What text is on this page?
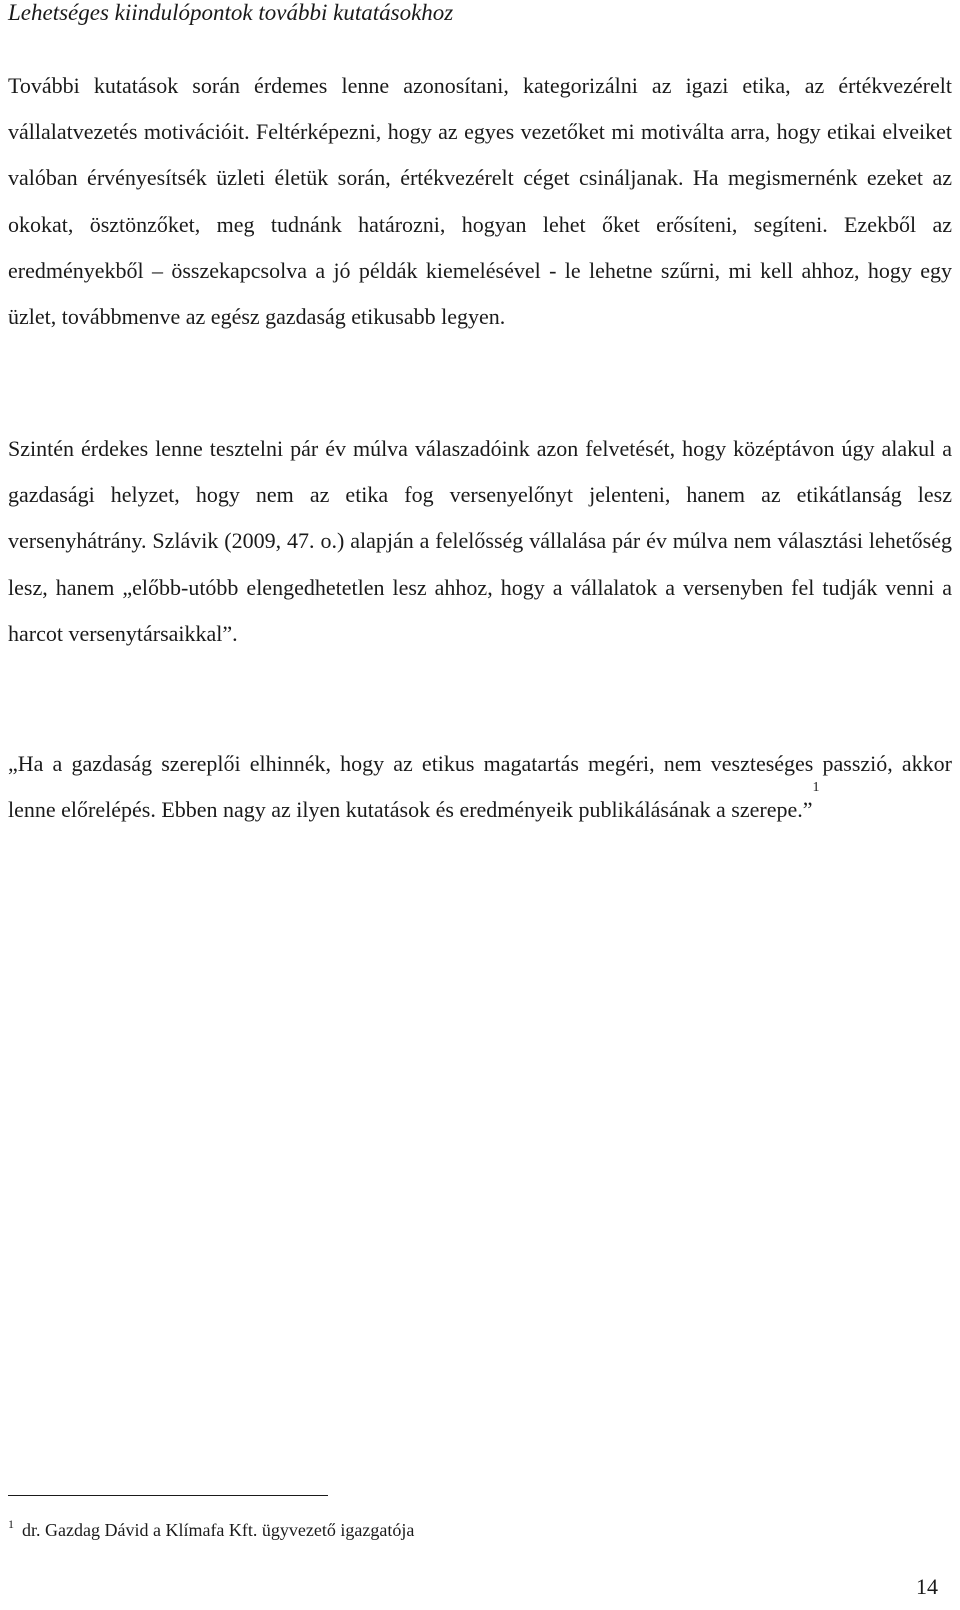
Lehetséges kiindulópontok további kutatásokhoz

További kutatások során érdemes lenne azonosítani, kategorizálni az igazi etika, az értékvezérelt vállalatvezetés motivációit. Feltérképezni, hogy az egyes vezetőket mi motiválta arra, hogy etikai elveiket valóban érvényesítsék üzleti életük során, értékvezérelt céget csináljanak. Ha megismernénk ezeket az okokat, ösztönzőket, meg tudnánk határozni, hogyan lehet őket erősíteni, segíteni. Ezekből az eredményekből – összekapcsolva a jó példák kiemelésével - le lehetne szűrni, mi kell ahhoz, hogy egy üzlet, továbbmenve az egész gazdaság etikusabb legyen.

Szintén érdekes lenne tesztelni pár év múlva válaszadóink azon felvetését, hogy középtávon úgy alakul a gazdasági helyzet, hogy nem az etika fog versenyelőnyt jelenteni, hanem az etikátlanság lesz versenyhátrány. Szlávik (2009, 47. o.) alapján a felelősség vállalása pár év múlva nem választási lehetőség lesz, hanem „előbb-utóbb elengedhetetlen lesz ahhoz, hogy a vállalatok a versenyben fel tudják venni a harcot versenytársaikkal”.

„Ha a gazdaság szereplői elhinnék, hogy az etikus magatartás megéri, nem veszteséges passzió, akkor lenne előrelépés. Ebben nagy az ilyen kutatások és eredményeik publikálásának a szerepe.”$^1$

$^1$ dr. Gazdag Dávid a Klímafa Kft. ügyvezető igazgatója

14
